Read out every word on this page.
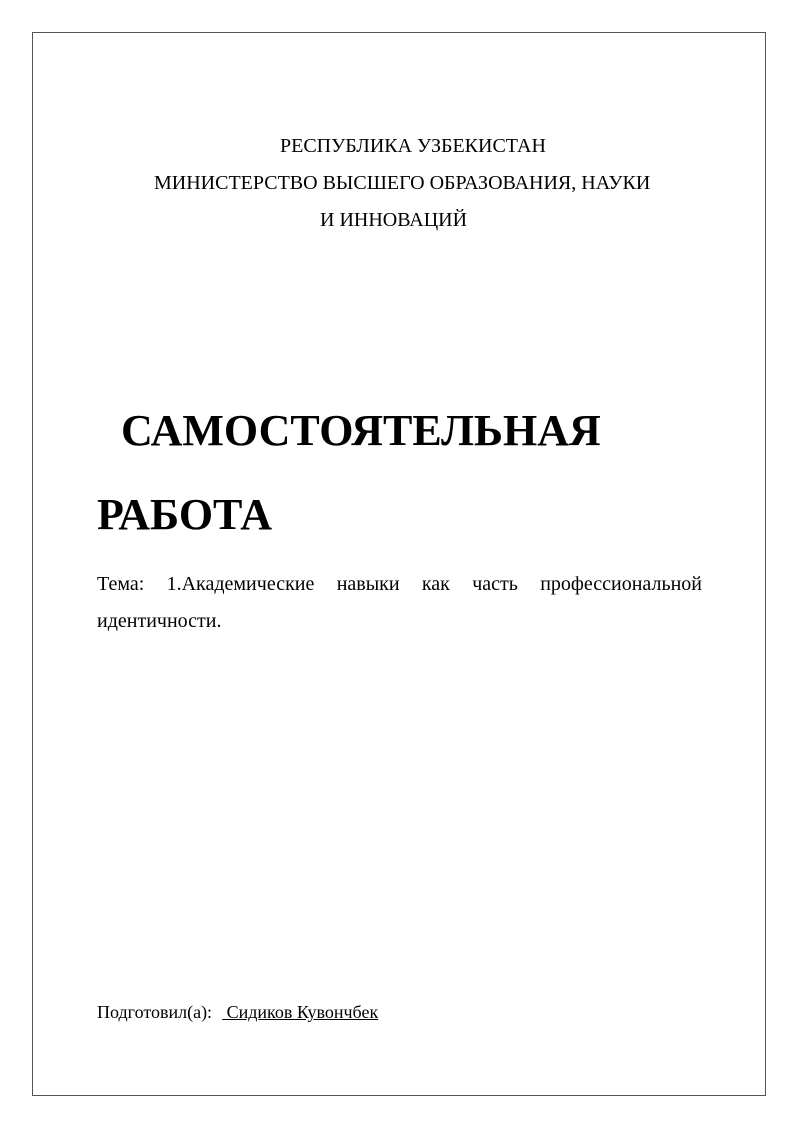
РЕСПУБЛИКА УЗБЕКИСТАН
МИНИСТЕРСТВО ВЫСШЕГО ОБРАЗОВАНИЯ, НАУКИ
И ИННОВАЦИЙ
САМОСТОЯТЕЛЬНАЯ
РАБОТА
Тема: 1.Академические навыки как часть профессиональной
идентичности.
Подготовил(а): Сидиков Кувончбек
